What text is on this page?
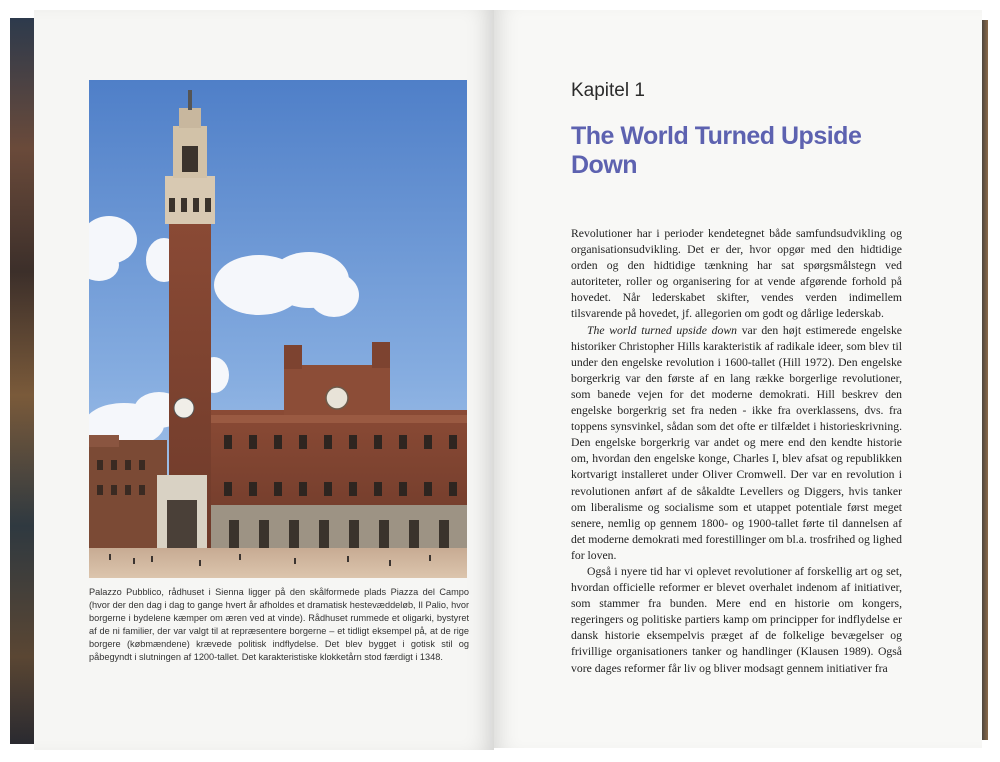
Palazzo Pubblico, rådhuset i Sienna ligger på den skålformede plads Piazza del Campo (hvor der den dag i dag to gange hvert år afholdes et dramatisk hestevæddeløb, Il Palio, hvor borgerne i bydelene kæmper om æren ved at vinde). Rådhuset rummede et oligarki, bystyret af de ni familier, der var valgt til at repræsentere borgerne – et tidligt eksempel på, at de rige borgere (købmændene) krævede politisk indflydelse. Det blev bygget i gotisk stil og påbegyndt i slutningen af 1200-tallet. Det karakteristiske klokketårn stod færdigt i 1348.
Kapitel 1
The World Turned Upside Down

Revolutioner har i perioder kendetegnet både samfundsudvikling og organisationsudvikling. Det er der, hvor opgør med den hidtidige orden og den hidtidige tænkning har sat spørgsmålstegn ved autoriteter, roller og organisering for at vende afgørende forhold på hovedet. Når lederskabet skifter, vendes verden indimellem tilsvarende på hovedet, jf. allegorien om godt og dårlige lederskab.

The world turned upside down var den højt estimerede engelske historiker Christopher Hills karakteristik af radikale ideer, som blev til under den engelske revolution i 1600-tallet (Hill 1972). Den engelske borgerkrig var den første af en lang række borgerlige revolutioner, som banede vejen for det moderne demokrati. Hill beskrev den engelske borgerkrig set fra neden - ikke fra overklassens, dvs. fra toppens synsvinkel, sådan som det ofte er tilfældet i historieskrivning. Den engelske borgerkrig var andet og mere end den kendte historie om, hvordan den engelske konge, Charles I, blev afsat og republikken kortvarigt installeret under Oliver Cromwell. Der var en revolution i revolutionen anført af de såkaldte Levellers og Diggers, hvis tanker om liberalisme og socialisme som et utappet potentiale først meget senere, nemlig op gennem 1800- og 1900-tallet førte til dannelsen af det moderne demokrati med forestillinger om bl.a. trosfrihed og lighed for loven.

Også i nyere tid har vi oplevet revolutioner af forskellig art og set, hvordan officielle reformer er blevet overhalet indenom af initiativer, som stammer fra bunden. Mere end en historie om kongers, regeringers og politiske partiers kamp om principper for indflydelse er dansk historie eksempelvis præget af de folkelige bevægelser og frivillige organisationers tanker og handlinger (Klausen 1989). Også vore dages reformer får liv og bliver modsagt gennem initiativer fra
